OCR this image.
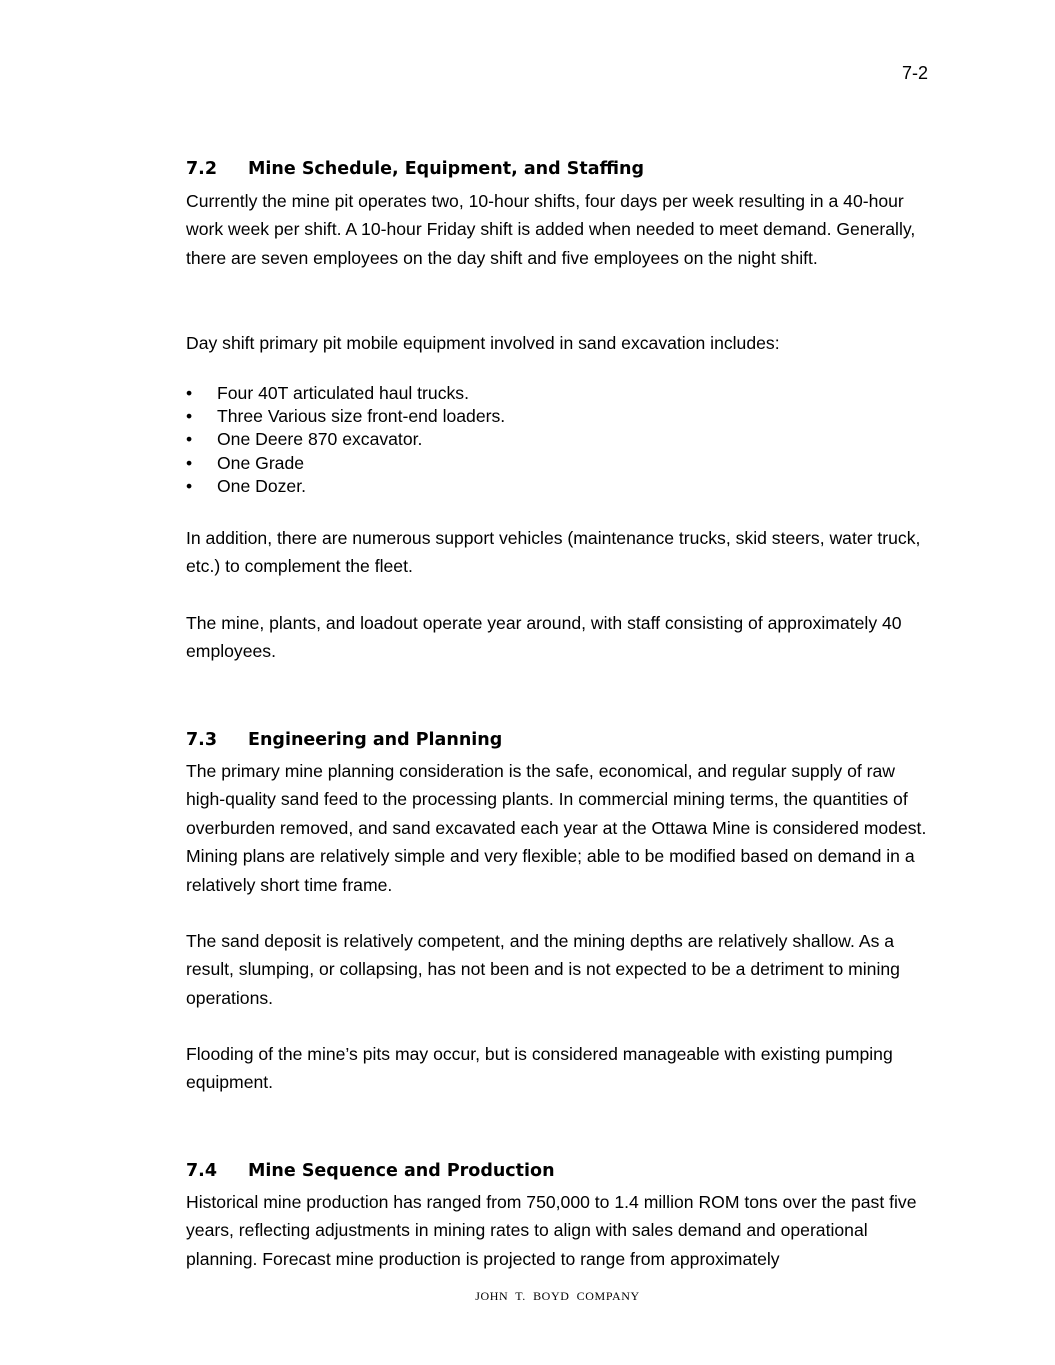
7-2
7.2 Mine Schedule, Equipment, and Staffing

Currently the mine pit operates two, 10-hour shifts, four days per week resulting in a 40-hour work week per shift. A 10-hour Friday shift is added when needed to meet demand. Generally, there are seven employees on the day shift and five employees on the night shift.

Day shift primary pit mobile equipment involved in sand excavation includes:

• Four 40T articulated haul trucks.
• Three Various size front-end loaders.
• One Deere 870 excavator.
• One Grade
• One Dozer.

In addition, there are numerous support vehicles (maintenance trucks, skid steers, water truck, etc.) to complement the fleet.

The mine, plants, and loadout operate year around, with staff consisting of approximately 40 employees.

7.3 Engineering and Planning

The primary mine planning consideration is the safe, economical, and regular supply of raw high-quality sand feed to the processing plants. In commercial mining terms, the quantities of overburden removed, and sand excavated each year at the Ottawa Mine is considered modest. Mining plans are relatively simple and very flexible; able to be modified based on demand in a relatively short time frame.

The sand deposit is relatively competent, and the mining depths are relatively shallow. As a result, slumping, or collapsing, has not been and is not expected to be a detriment to mining operations.

Flooding of the mine’s pits may occur, but is considered manageable with existing pumping equipment.

7.4 Mine Sequence and Production

Historical mine production has ranged from 750,000 to 1.4 million ROM tons over the past five years, reflecting adjustments in mining rates to align with sales demand and operational planning. Forecast mine production is projected to range from approximately

JOHN  T.  BOYD  COMPANY
